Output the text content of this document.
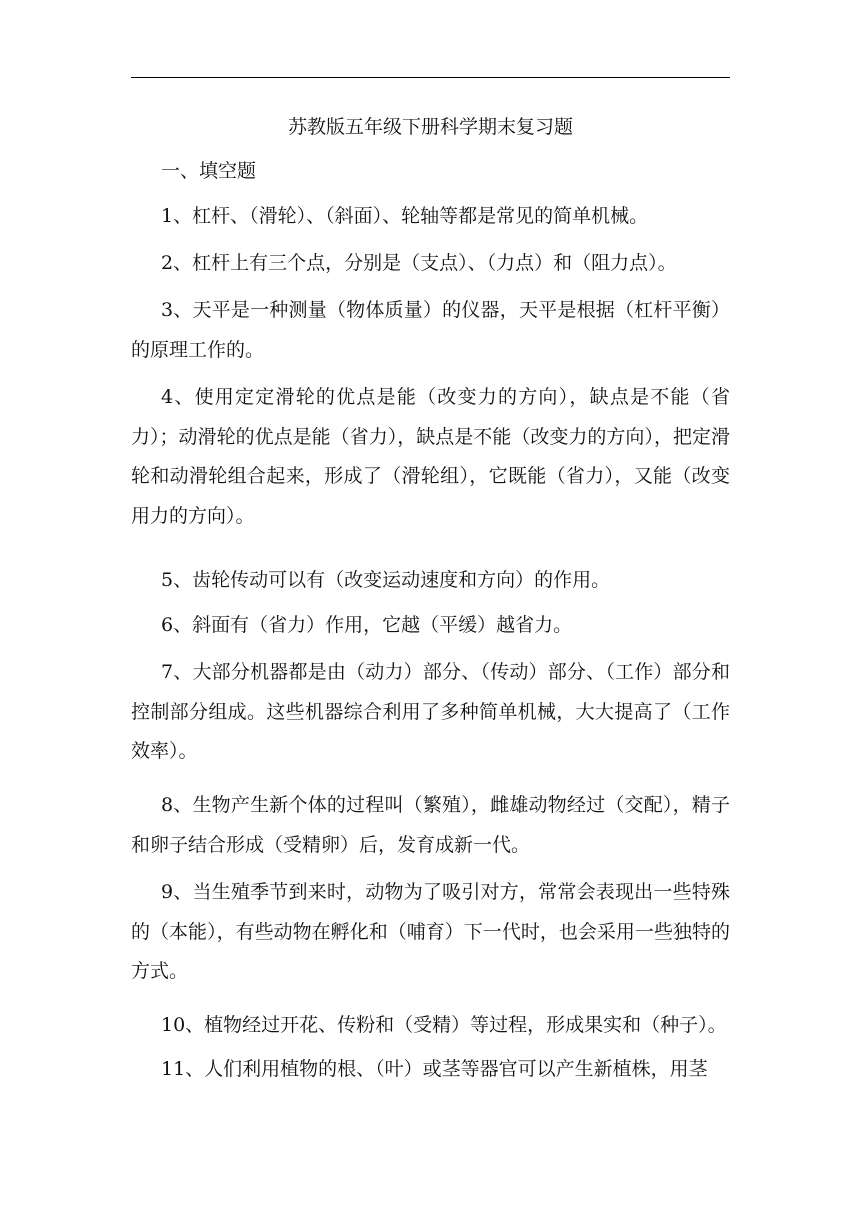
苏教版五年级下册科学期末复习题
一、填空题

1、杠杆、（滑轮）、（斜面）、轮轴等都是常见的简单机械。

2、杠杆上有三个点，分别是（支点）、（力点）和（阻力点）。

3、天平是一种测量（物体质量）的仪器，天平是根据（杠杆平衡）的原理工作的。

4、使用定定滑轮的优点是能（改变力的方向），缺点是不能（省力）；动滑轮的优点是能（省力），缺点是不能（改变力的方向），把定滑轮和动滑轮组合起来，形成了（滑轮组），它既能（省力），又能（改变用力的方向）。

5、齿轮传动可以有（改变运动速度和方向）的作用。

6、斜面有（省力）作用，它越（平缓）越省力。

7、大部分机器都是由（动力）部分、（传动）部分、（工作）部分和控制部分组成。这些机器综合利用了多种简单机械，大大提高了（工作效率）。

8、生物产生新个体的过程叫（繁殖），雌雄动物经过（交配），精子和卵子结合形成（受精卵）后，发育成新一代。

9、当生殖季节到来时，动物为了吸引对方，常常会表现出一些特殊的（本能），有些动物在孵化和（哺育）下一代时，也会采用一些独特的方式。

10、植物经过开花、传粉和（受精）等过程，形成果实和（种子）。

11、人们利用植物的根、（叶）或茎等器官可以产生新植株，用茎
